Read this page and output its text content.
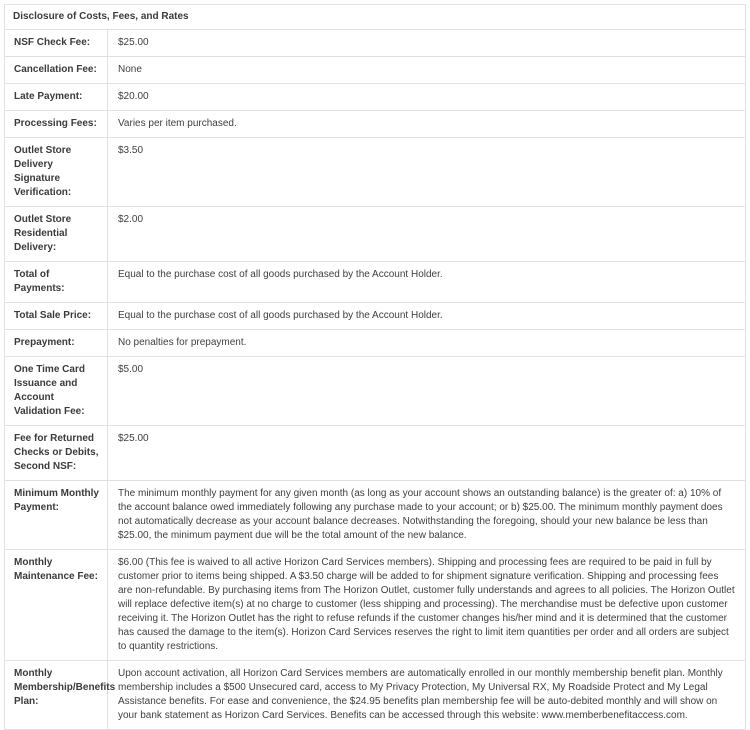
Disclosure of Costs, Fees, and Rates	
NSF Check Fee:	$25.00
Cancellation Fee:	None
Late Payment:	$20.00
Processing Fees:	Varies per item purchased.
Outlet Store Delivery Signature Verification:	$3.50
Outlet Store Residential Delivery:	$2.00
Total of Payments:	Equal to the purchase cost of all goods purchased by the Account Holder.
Total Sale Price:	Equal to the purchase cost of all goods purchased by the Account Holder.
Prepayment:	No penalties for prepayment.
One Time Card Issuance and Account Validation Fee:	$5.00
Fee for Returned Checks or Debits, Second NSF:	$25.00
Minimum Monthly Payment:	The minimum monthly payment for any given month (as long as your account shows an outstanding balance) is the greater of: a) 10% of the account balance owed immediately following any purchase made to your account; or b) $25.00. The minimum monthly payment does not automatically decrease as your account balance decreases. Notwithstanding the foregoing, should your new balance be less than $25.00, the minimum payment due will be the total amount of the new balance.
Monthly Maintenance Fee:	$6.00 (This fee is waived to all active Horizon Card Services members). Shipping and processing fees are required to be paid in full by customer prior to items being shipped. A $3.50 charge will be added to for shipment signature verification. Shipping and processing fees are non-refundable. By purchasing items from The Horizon Outlet, customer fully understands and agrees to all policies. The Horizon Outlet will replace defective item(s) at no charge to customer (less shipping and processing). The merchandise must be defective upon customer receiving it. The Horizon Outlet has the right to refuse refunds if the customer changes his/her mind and it is determined that the customer has caused the damage to the item(s). Horizon Card Services reserves the right to limit item quantities per order and all orders are subject to quantity restrictions.
Monthly Membership/Benefits Plan:	Upon account activation, all Horizon Card Services members are automatically enrolled in our monthly membership benefit plan. Monthly membership includes a $500 Unsecured card, access to My Privacy Protection, My Universal RX, My Roadside Protect and My Legal Assistance benefits. For ease and convenience, the $24.95 benefits plan membership fee will be auto-debited monthly and will show on your bank statement as Horizon Card Services. Benefits can be accessed through this website: www.memberbenefitaccess.com.
